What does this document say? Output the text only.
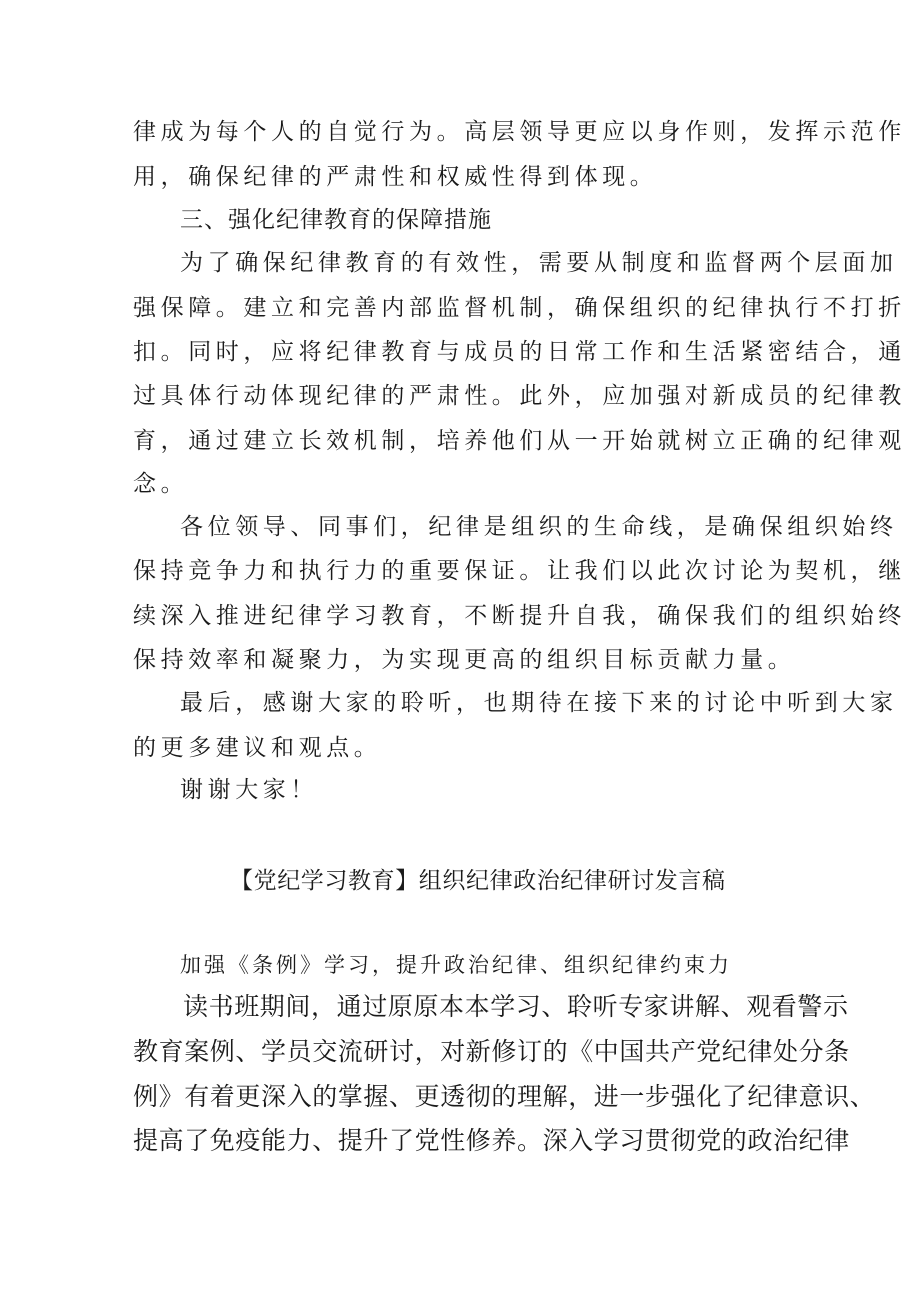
律成为每个人的自觉行为。高层领导更应以身作则，发挥示范作
用，确保纪律的严肃性和权威性得到体现。
三、强化纪律教育的保障措施
为了确保纪律教育的有效性，需要从制度和监督两个层面加
强保障。建立和完善内部监督机制，确保组织的纪律执行不打折
扣。同时，应将纪律教育与成员的日常工作和生活紧密结合，通
过具体行动体现纪律的严肃性。此外，应加强对新成员的纪律教
育，通过建立长效机制，培养他们从一开始就树立正确的纪律观
念。
各位领导、同事们，纪律是组织的生命线，是确保组织始终
保持竞争力和执行力的重要保证。让我们以此次讨论为契机，继
续深入推进纪律学习教育，不断提升自我，确保我们的组织始终
保持效率和凝聚力，为实现更高的组织目标贡献力量。
最后，感谢大家的聆听，也期待在接下来的讨论中听到大家
的更多建议和观点。
谢谢大家！
【党纪学习教育】组织纪律政治纪律研讨发言稿
加强《条例》学习，提升政治纪律、组织纪律约束力
读书班期间，通过原原本本学习、聆听专家讲解、观看警示
教育案例、学员交流研讨，对新修订的《中国共产党纪律处分条
例》有着更深入的掌握、更透彻的理解，进一步强化了纪律意识、
提高了免疫能力、提升了党性修养。深入学习贯彻党的政治纪律
